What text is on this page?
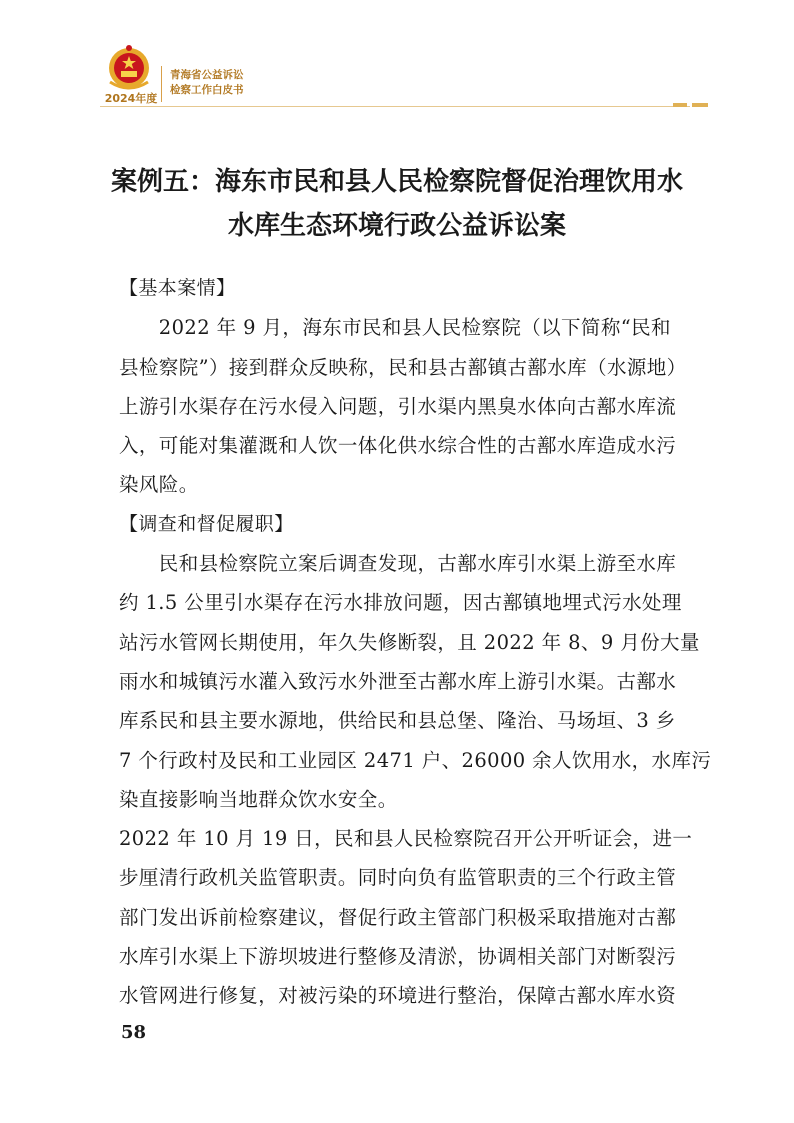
2024年度
青海省公益诉讼
检察工作白皮书
案例五：海东市民和县人民检察院督促治理饮用水
水库生态环境行政公益诉讼案
【基本案情】
　　2022 年 9 月，海东市民和县人民检察院（以下简称“民和
县检察院”）接到群众反映称，民和县古鄯镇古鄯水库（水源地）
上游引水渠存在污水侵入问题，引水渠内黑臭水体向古鄯水库流
入，可能对集灌溉和人饮一体化供水综合性的古鄯水库造成水污
染风险。
【调查和督促履职】
　　民和县检察院立案后调查发现，古鄯水库引水渠上游至水库
约 1.5 公里引水渠存在污水排放问题，因古鄯镇地埋式污水处理
站污水管网长期使用，年久失修断裂，且 2022 年 8、9 月份大量
雨水和城镇污水灌入致污水外泄至古鄯水库上游引水渠。古鄯水
库系民和县主要水源地，供给民和县总堡、隆治、马场垣、3 乡
7 个行政村及民和工业园区 2471 户、26000 余人饮用水，水库污
染直接影响当地群众饮水安全。
2022 年 10 月 19 日，民和县人民检察院召开公开听证会，进一
步厘清行政机关监管职责。同时向负有监管职责的三个行政主管
部门发出诉前检察建议，督促行政主管部门积极采取措施对古鄯
水库引水渠上下游坝坡进行整修及清淤，协调相关部门对断裂污
水管网进行修复，对被污染的环境进行整治，保障古鄯水库水资
58
